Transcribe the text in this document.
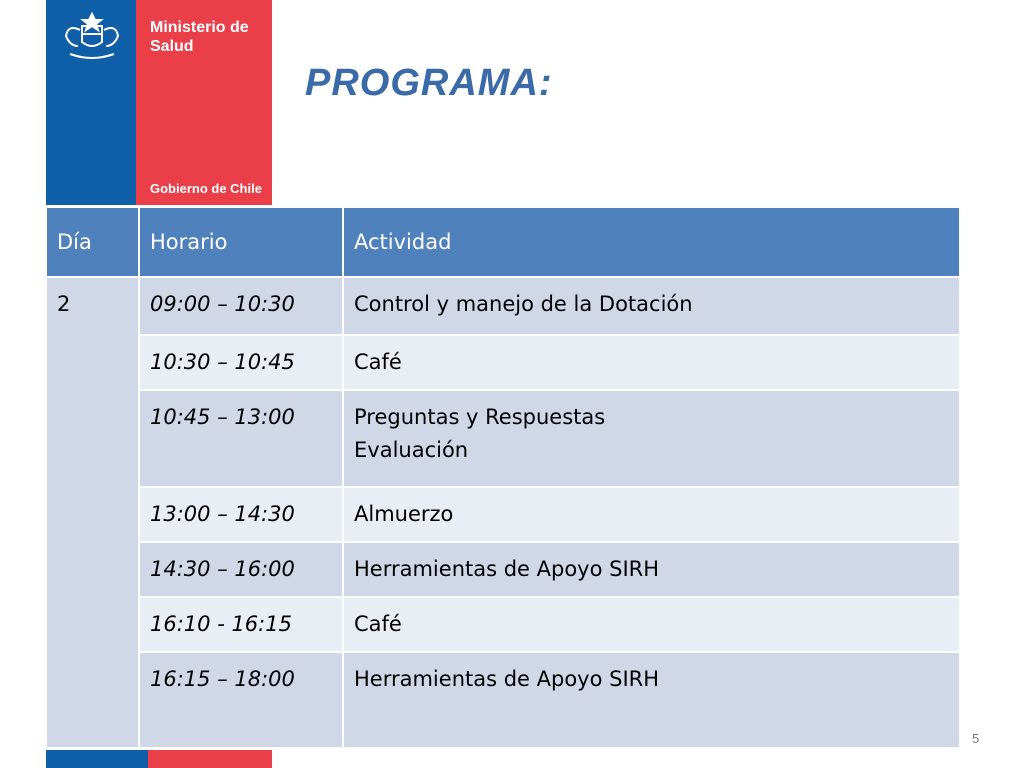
Ministerio de
Salud
Gobierno de Chile
PROGRAMA:
Día	Horario	Actividad
2	09:00 – 10:30	Control y manejo de la Dotación
	10:30 – 10:45	Café
	10:45 – 13:00	Preguntas y Respuestas
Evaluación

	13:00 – 14:30	Almuerzo
	14:30 – 16:00	Herramientas de Apoyo SIRH
	16:10 - 16:15	Café
	16:15 – 18:00	Herramientas de Apoyo SIRH
5
